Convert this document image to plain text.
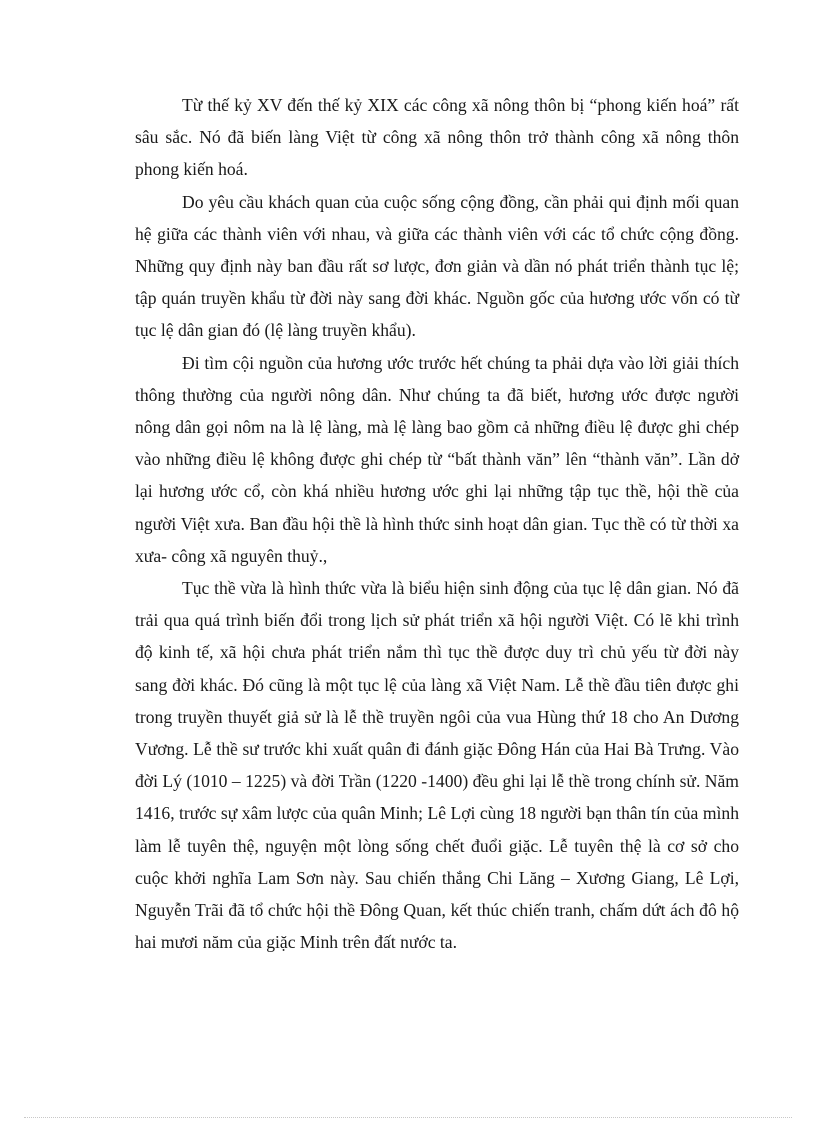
Từ thế kỷ XV đến thế kỷ XIX các công xã nông thôn bị “phong kiến hoá” rất sâu sắc. Nó đã biến làng Việt từ công xã nông thôn trở thành công xã nông thôn phong kiến hoá.

Do yêu cầu khách quan của cuộc sống cộng đồng, cần phải qui định mối quan hệ giữa các thành viên với nhau, và giữa các thành viên với các tổ chức cộng đồng. Những quy định này ban đầu rất sơ lược, đơn giản và dần nó phát triển thành tục lệ; tập quán truyền khẩu từ đời này sang đời khác. Nguồn gốc của hương ước vốn có từ tục lệ dân gian đó (lệ làng truyền khẩu).

Đi tìm cội nguồn của hương ước trước hết chúng ta phải dựa vào lời giải thích thông thường của người nông dân. Như chúng ta đã biết, hương ước được người nông dân gọi nôm na là lệ làng, mà lệ làng bao gồm cả những điều lệ được ghi chép vào những điều lệ không được ghi chép từ “bất thành văn” lên “thành văn”. Lần dở lại hương ước cổ, còn khá nhiều hương ước ghi lại những tập tục thề, hội thề của người Việt xưa. Ban đầu hội thề là hình thức sinh hoạt dân gian. Tục thề có từ thời xa xưa- công xã nguyên thuỷ.,

Tục thề vừa là hình thức vừa là biểu hiện sinh động của tục lệ dân gian. Nó đã trải qua quá trình biến đổi trong lịch sử phát triển xã hội người Việt. Có lẽ khi trình độ kinh tế, xã hội chưa phát triển nắm thì tục thề được duy trì chủ yếu từ đời này sang đời khác. Đó cũng là một tục lệ của làng xã Việt Nam. Lễ thề đầu tiên được ghi trong truyền thuyết giả sử là lễ thề truyền ngôi của vua Hùng thứ 18 cho An Dương Vương. Lễ thề sư trước khi xuất quân đi đánh giặc Đông Hán của Hai Bà Trưng. Vào đời Lý (1010 – 1225) và đời Trần (1220 -1400) đều ghi lại lễ thề trong chính sử. Năm 1416, trước sự xâm lược của quân Minh; Lê Lợi cùng 18 người bạn thân tín của mình làm lễ tuyên thệ, nguyện một lòng sống chết đuổi giặc. Lễ tuyên thệ là cơ sở cho cuộc khởi nghĩa Lam Sơn này. Sau chiến thắng Chi Lăng – Xương Giang, Lê Lợi, Nguyễn Trãi đã tổ chức hội thề Đông Quan, kết thúc chiến tranh, chấm dứt ách đô hộ hai mươi năm của giặc Minh trên đất nước ta.
